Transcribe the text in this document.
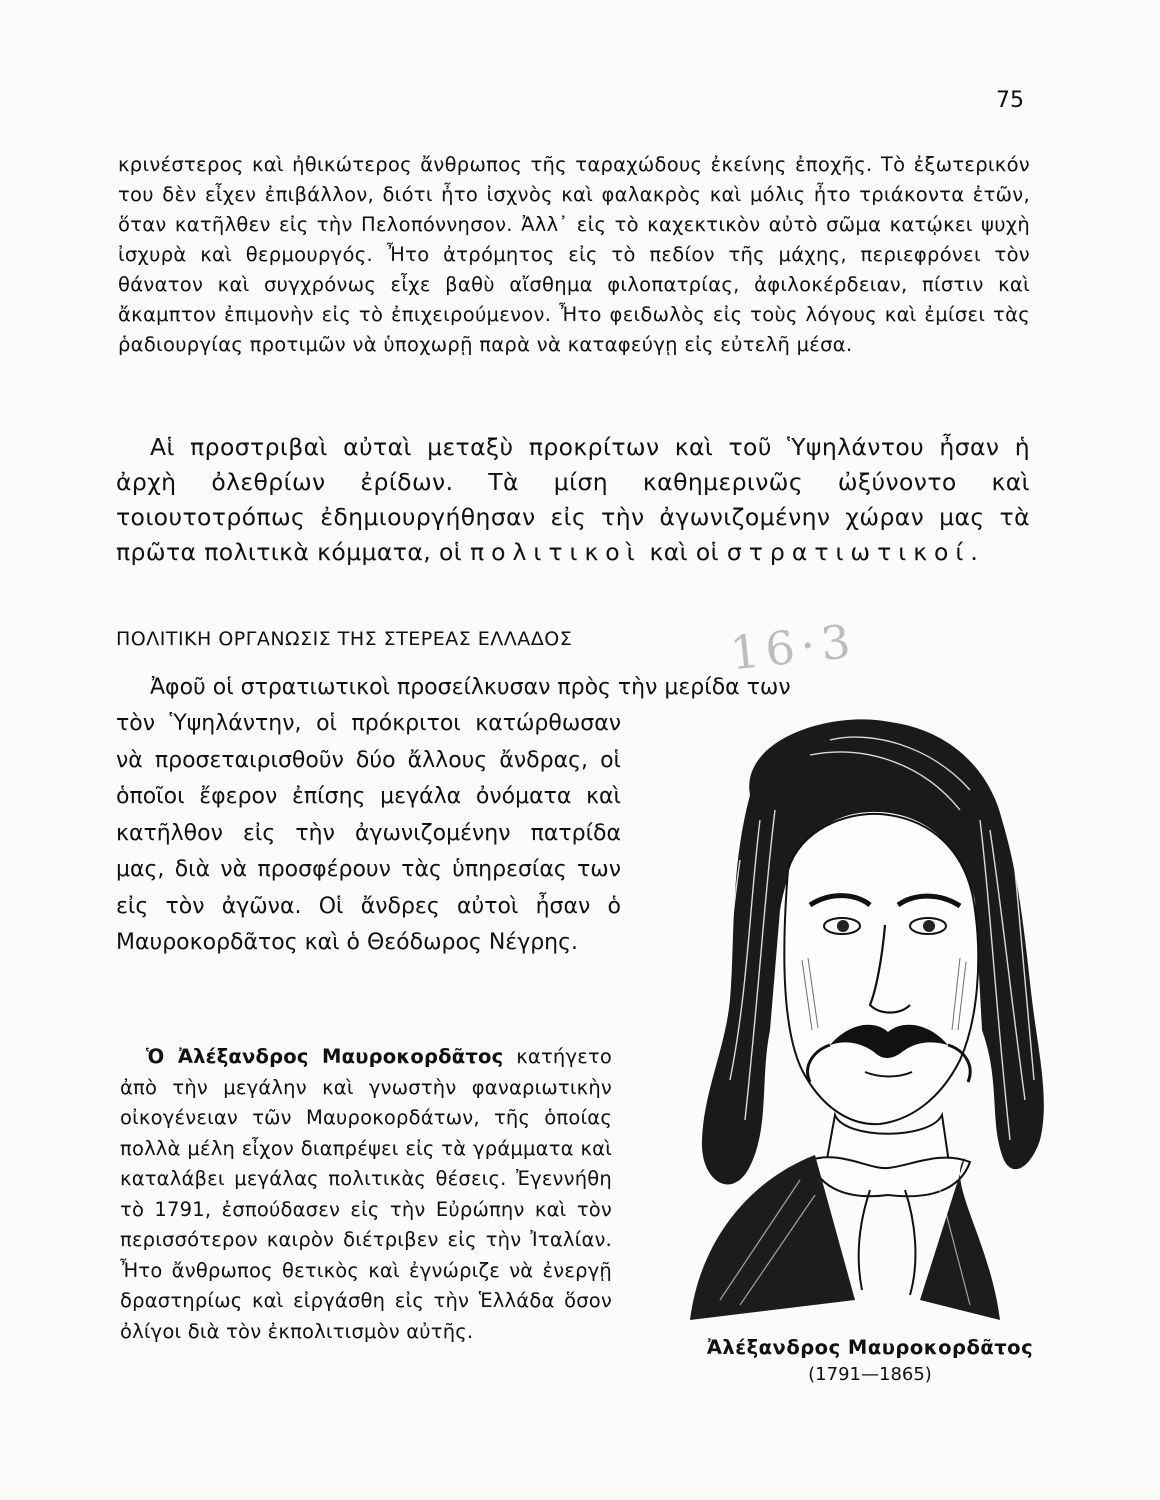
75
κρινέστερος καὶ ἠθικώτερος ἄνθρωπος τῆς ταραχώδους ἐκείνης ἐποχῆς. Τὸ ἐξωτερικόν του δὲν εἶχεν ἐπιβάλλον, διότι ἦτο ἰσχνὸς καὶ φαλακρὸς καὶ μόλις ἦτο τριάκοντα ἐτῶν, ὅταν κατῆλθεν εἰς τὴν Πελοπόννησον. Ἀλλ᾽ εἰς τὸ καχεκτικὸν αὐτὸ σῶμα κατῴκει ψυχὴ ἰσχυρὰ καὶ θερμουργός. Ἦτο ἀτρόμητος εἰς τὸ πεδίον τῆς μάχης, περιεφρόνει τὸν θάνατον καὶ συγχρόνως εἶχε βαθὺ αἴσθημα φιλοπατρίας, ἀφιλοκέρδειαν, πίστιν καὶ ἄκαμπτον ἐπιμονὴν εἰς τὸ ἐπιχειρούμενον. Ἦτο φειδωλὸς εἰς τοὺς λόγους καὶ ἐμίσει τὰς ῥαδιουργίας προτιμῶν νὰ ὑποχωρῇ παρὰ νὰ καταφεύγῃ εἰς εὐτελῆ μέσα.
Αἱ προστριβαὶ αὐταὶ μεταξὺ προκρίτων καὶ τοῦ Ὑψηλάντου ἦσαν ἡ ἀρχὴ ὀλεθρίων ἐρίδων. Τὰ μίση καθημερινῶς ὠξύνοντο καὶ τοιουτοτρόπως ἐδημιουργήθησαν εἰς τὴν ἀγωνιζομένην χώραν μας τὰ πρῶτα πολιτικὰ κόμματα, οἱ πολιτικοὶ καὶ οἱ στρατιωτικοί.
ΠΟΛΙΤΙΚΗ ΟΡΓΑΝΩΣΙΣ ΤΗΣ ΣΤΕΡΕΑΣ ΕΛΛΑΔΟΣ	16·3
Ἀφοῦ οἱ στρατιωτικοὶ προσείλκυσαν πρὸς τὴν μερίδα των
τὸν Ὑψηλάντην, οἱ πρόκριτοι κατώρθωσαν νὰ προσεταιρισθοῦν δύο ἄλλους ἄνδρας, οἱ ὁποῖοι ἔφερον ἐπίσης μεγάλα ὀνόματα καὶ κατῆλθον εἰς τὴν ἀγωνιζομένην πατρίδα μας, διὰ νὰ προσφέρουν τὰς ὑπηρεσίας των εἰς τὸν ἀγῶνα. Οἱ ἄνδρες αὐτοὶ ἦσαν ὁ Μαυροκορδᾶτος καὶ ὁ Θεόδωρος Νέγρης.
Ὁ Ἀλέξανδρος Μαυροκορδᾶτος κατήγετο ἀπὸ τὴν μεγάλην καὶ γνωστὴν φαναριωτικὴν οἰκογένειαν τῶν Μαυροκορδάτων, τῆς ὁποίας πολλὰ μέλη εἶχον διαπρέψει εἰς τὰ γράμματα καὶ καταλάβει μεγάλας πολιτικὰς θέσεις. Ἐγεννήθη τὸ 1791, ἐσπούδασεν εἰς τὴν Εὐρώπην καὶ τὸν περισσότερον καιρὸν διέτριβεν εἰς τὴν Ἰταλίαν. Ἦτο ἄνθρωπος θετικὸς καὶ ἐγνώριζε νὰ ἐνεργῇ δραστηρίως καὶ εἰργάσθη εἰς τὴν Ἑλλάδα ὅσον ὀλίγοι διὰ τὸν ἐκπολιτισμὸν αὐτῆς.
Ἀλέξανδρος Μαυροκορδᾶτος
(1791—1865)
